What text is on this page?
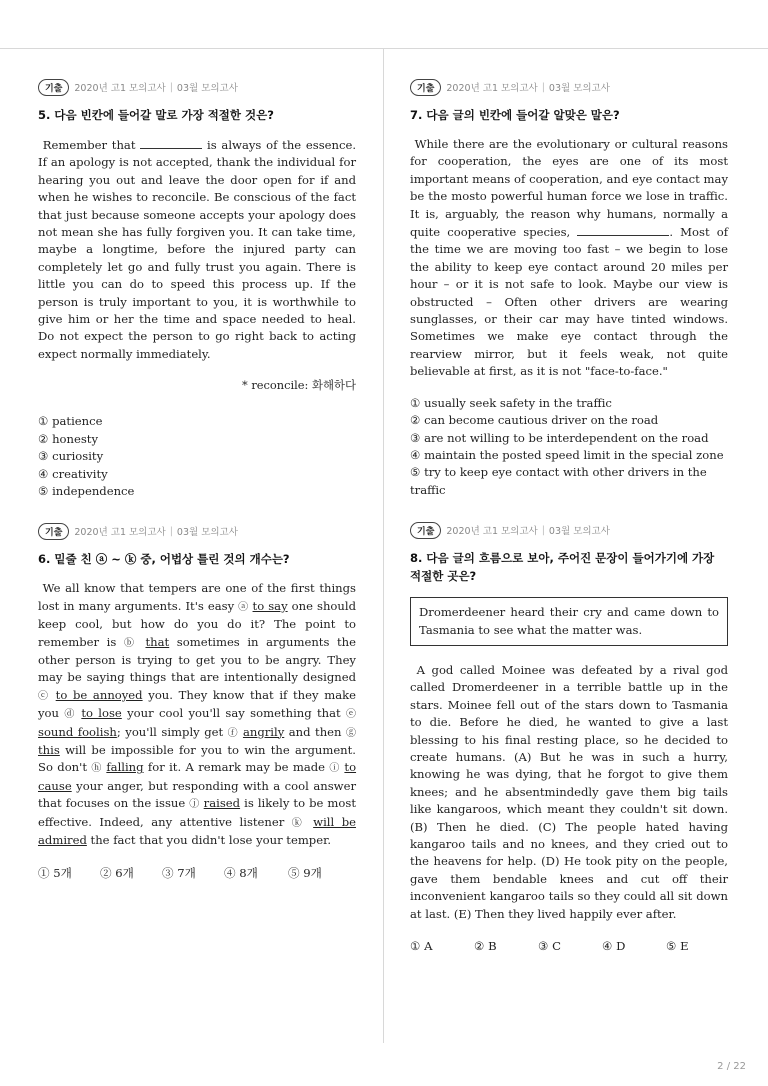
기출	2020년 고1 모의고사 | 03월 모의고사
5. 다음 빈칸에 들어갈 말로 가장 적절한 것은?

Remember that	is always of the essence. If an apology is not accepted, thank the individual for hearing you out and leave the door open for if and when he wishes to reconcile. Be conscious of the fact that just because someone accepts your apology does not mean she has fully forgiven you. It can take time, maybe a longtime, before the injured party can completely let go and fully trust you again. There is little you can do to speed this process up. If the person is truly important to you, it is worthwhile to give him or her the time and space needed to heal. Do not expect the person to go right back to acting expect normally immediately.

* reconcile: 화해하다
① patience
② honesty
③ curiosity
④ creativity
⑤ independence
기출	2020년 고1 모의고사 | 03월 모의고사
6. 밑줄 친 ⓐ ~ ⓚ 중, 어법상 틀린 것의 개수는?

We all know that tempers are one of the first things lost in many arguments. It's easy ⓐ to say one should keep cool, but how do you do it? The point to remember is ⓑ that sometimes in arguments the other person is trying to get you to be angry. They may be saying things that are intentionally designed ⓒ to be annoyed you. They know that if they make you ⓓ to lose your cool you'll say something that ⓔ sound foolish; you'll simply get ⓕ angrily and then ⓖ this will be impossible for you to win the argument. So don't ⓗ falling for it. A remark may be made ⓘ to cause your anger, but responding with a cool answer that focuses on the issue ⓙ raised is likely to be most effective. Indeed, any attentive listener ⓚ will be admired the fact that you didn't lose your temper.

① 5개	② 6개	③ 7개	④ 8개	⑤ 9개
기출	2020년 고1 모의고사 | 03월 모의고사
7. 다음 글의 빈칸에 들어갈 알맞은 말은?

While there are the evolutionary or cultural reasons for cooperation, the eyes are one of its most important means of cooperation, and eye contact may be the mosto powerful human force we lose in traffic. It is, arguably, the reason why humans, normally a quite cooperative species,	. Most of the time we are moving too fast – we begin to lose the ability to keep eye contact around 20 miles per hour – or it is not safe to look. Maybe our view is obstructed – Often other drivers are wearing sunglasses, or their car may have tinted windows. Sometimes we make eye contact through the rearview mirror, but it feels weak, not quite believable at first, as it is not "face-to-face."

① usually seek safety in the traffic
② can become cautious driver on the road
③ are not willing to be interdependent on the road
④ maintain the posted speed limit in the special zone
⑤ try to keep eye contact with other drivers in the traffic
기출	2020년 고1 모의고사 | 03월 모의고사
8. 다음 글의 흐름으로 보아, 주어진 문장이 들어가기에 가장 적절한 곳은?
Dromerdeener heard their cry and came down to Tasmania to see what the matter was.

A god called Moinee was defeated by a rival god called Dromerdeener in a terrible battle up in the stars. Moinee fell out of the stars down to Tasmania to die. Before he died, he wanted to give a last blessing to his final resting place, so he decided to create humans. (A) But he was in such a hurry, knowing he was dying, that he forgot to give them knees; and he absentmindedly gave them big tails like kangaroos, which meant they couldn't sit down. (B) Then he died. (C) The people hated having kangaroo tails and no knees, and they cried out to the heavens for help. (D) He took pity on the people, gave them bendable knees and cut off their inconvenient kangaroo tails so they could all sit down at last. (E) Then they lived happily ever after.

① A	② B	③ C	④ D	⑤ E
2 / 22
